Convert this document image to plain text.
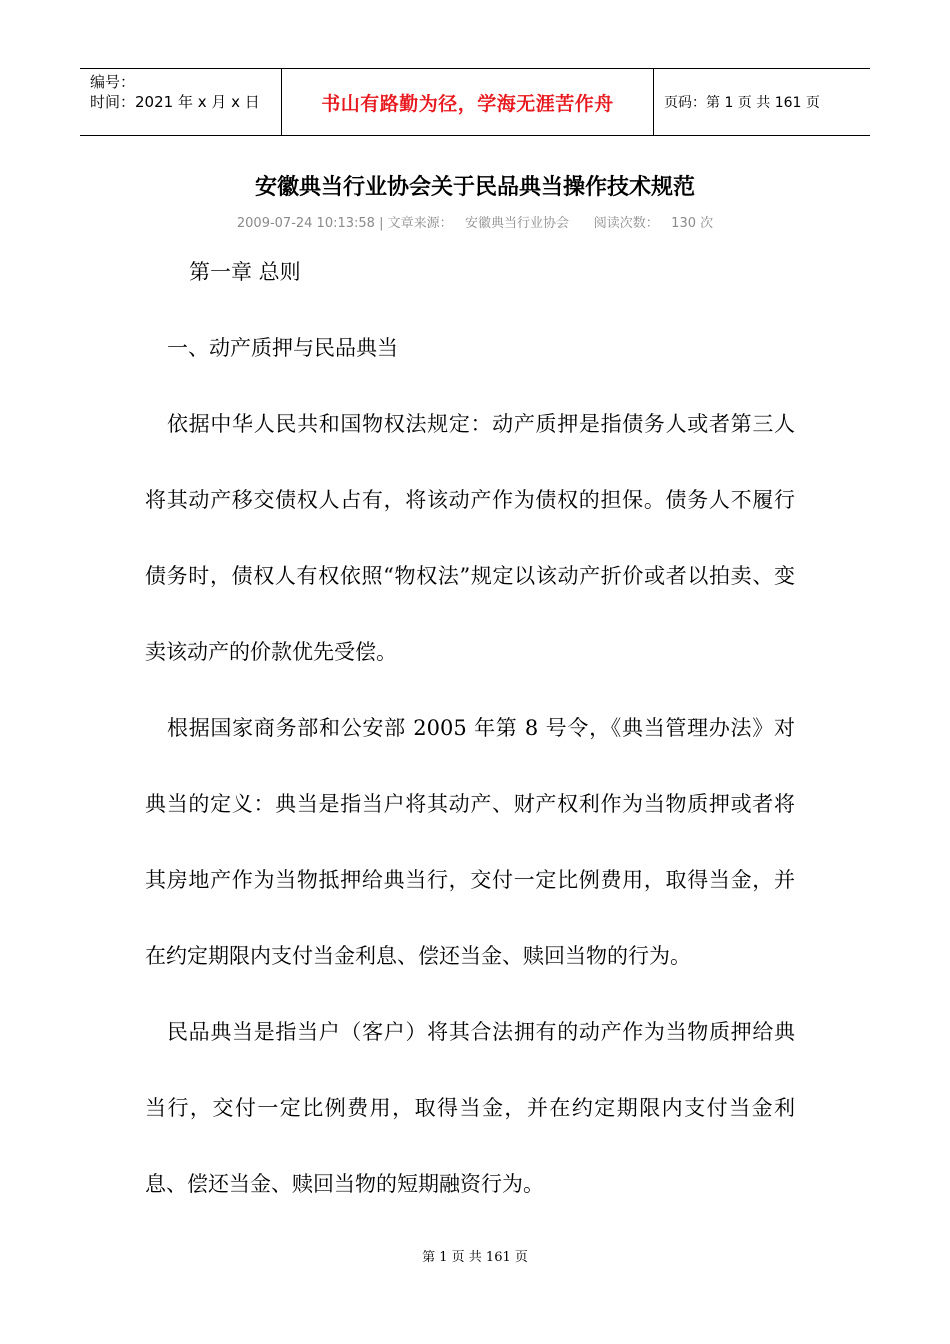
编号：
时间：2021 年 x 月 x 日	书山有路勤为径，学海无涯苦作舟	页码：第 1 页 共 161 页
安徽典当行业协会关于民品典当操作技术规范
2009-07-24 10:13:58 | 文章来源：   安徽典当行业协会      阅读次数：   130 次

第一章 总则

一、动产质押与民品典当

依据中华人民共和国物权法规定：动产质押是指债务人或者第三人将其动产移交债权人占有，将该动产作为债权的担保。债务人不履行债务时，债权人有权依照“物权法”规定以该动产折价或者以拍卖、变卖该动产的价款优先受偿。

根据国家商务部和公安部 2005 年第 8 号令，《典当管理办法》对典当的定义：典当是指当户将其动产、财产权利作为当物质押或者将其房地产作为当物抵押给典当行，交付一定比例费用，取得当金，并在约定期限内支付当金利息、偿还当金、赎回当物的行为。

民品典当是指当户（客户）将其合法拥有的动产作为当物质押给典当行，交付一定比例费用，取得当金，并在约定期限内支付当金利息、偿还当金、赎回当物的短期融资行为。

第 1 页 共 161 页
